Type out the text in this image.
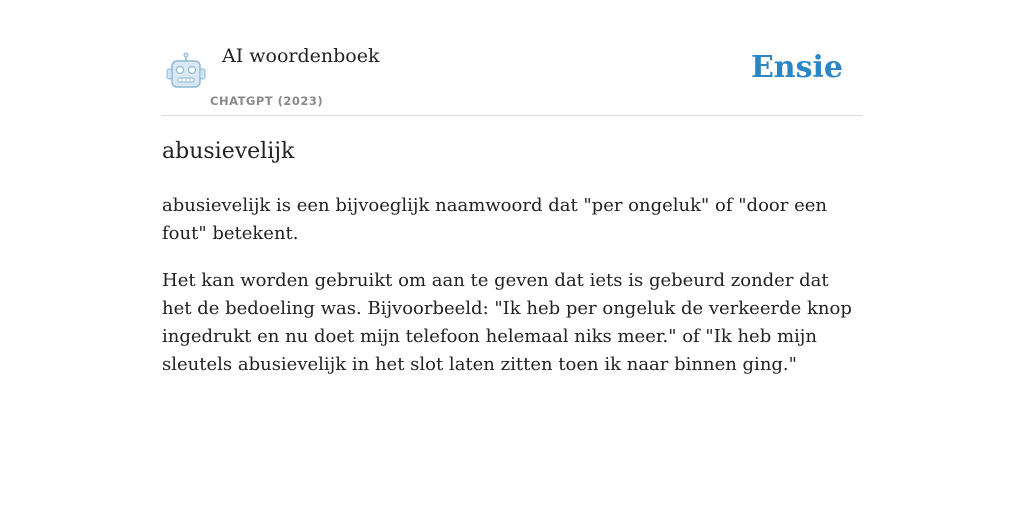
AI woordenboek
CHATGPT (2023)
Ensie
abusievelijk

abusievelijk is een bijvoeglijk naamwoord dat "per ongeluk" of "door een fout" betekent.

Het kan worden gebruikt om aan te geven dat iets is gebeurd zonder dat het de bedoeling was. Bijvoorbeeld: "Ik heb per ongeluk de verkeerde knop ingedrukt en nu doet mijn telefoon helemaal niks meer." of "Ik heb mijn sleutels abusievelijk in het slot laten zitten toen ik naar binnen ging."
